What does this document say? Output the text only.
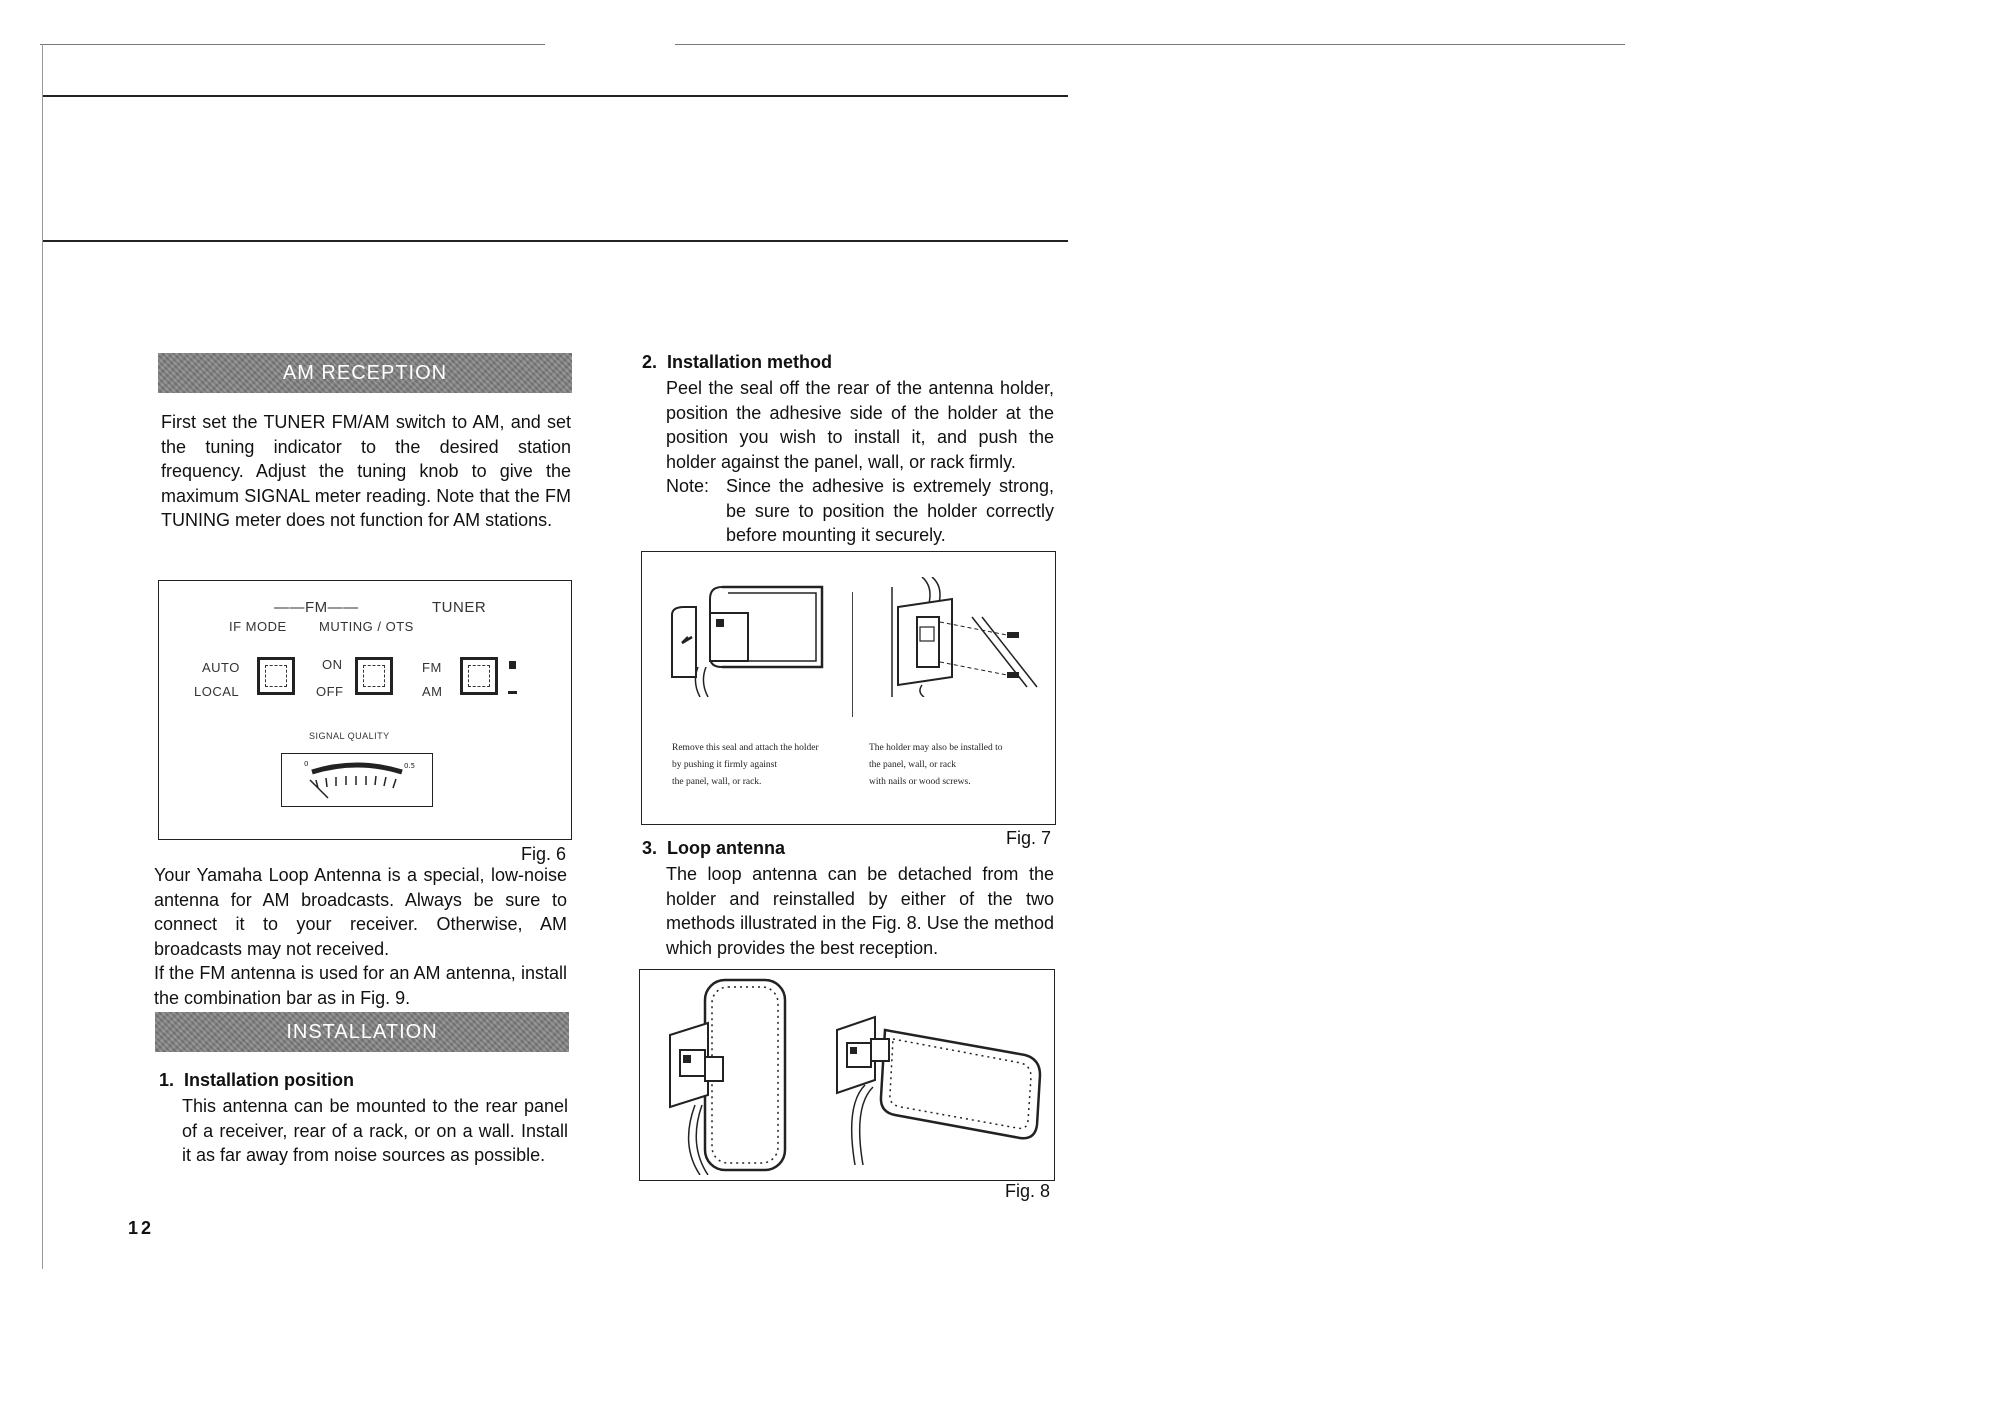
AM RECEPTION

First set the TUNER FM/AM switch to AM, and set the tuning indicator to the desired station frequency. Adjust the tuning knob to give the maximum SIGNAL meter reading. Note that the FM TUNING meter does not function for AM stations.

——FM——	TUNER
IF MODE MUTING / OTS
AUTO
LOCAL
ON
OFF
FM
AM
SIGNAL QUALITY
0	0.5
Fig. 6

Your Yamaha Loop Antenna is a special, low-noise antenna for AM broadcasts. Always be sure to connect it to your receiver. Otherwise, AM broadcasts may not received.

If the FM antenna is used for an AM antenna, install the combination bar as in Fig. 9.

INSTALLATION
1.  Installation position

This antenna can be mounted to the rear panel of a receiver, rear of a rack, or on a wall. Install it as far away from noise sources as possible.

12
2.  Installation method

Peel the seal off the rear of the antenna holder, position the adhesive side of the holder at the position you wish to install it, and push the holder against the panel, wall, or rack firmly.

Note: Since the adhesive is extremely strong, be sure to position the holder correctly before mounting it securely.

Remove this seal and attach the holder
by pushing it firmly against
the panel, wall, or rack.
The holder may also be installed to
the panel, wall, or rack
with nails or wood screws.
Fig. 7
3.  Loop antenna

The loop antenna can be detached from the holder and reinstalled by either of the two methods illustrated in the Fig. 8. Use the method which provides the best reception.

Fig. 8
